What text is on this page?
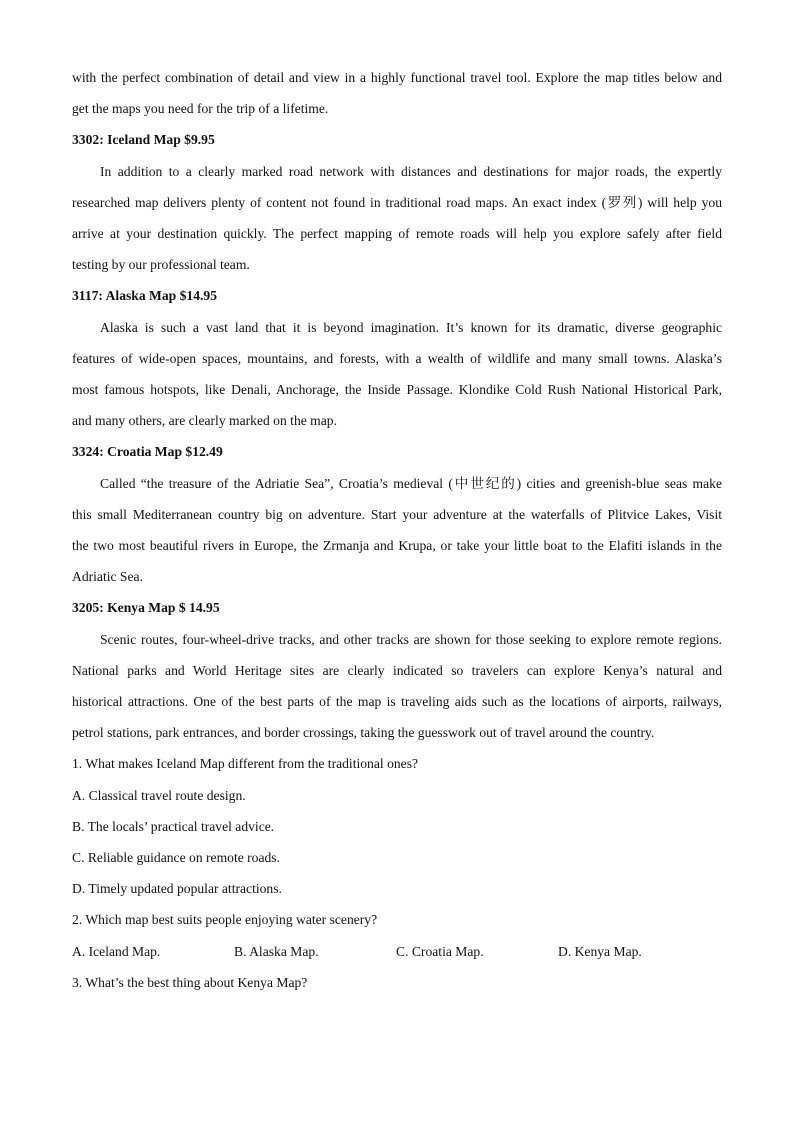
with the perfect combination of detail and view in a highly functional travel tool. Explore the map titles below and

get the maps you need for the trip of a lifetime.

3302: Iceland Map $9.95

In addition to a clearly marked road network with distances and destinations for major roads, the expertly

researched map delivers plenty of content not found in traditional road maps. An exact index (罗列) will help you

arrive at your destination quickly. The perfect mapping of remote roads will help you explore safely after field

testing by our professional team.

3117: Alaska Map $14.95

Alaska is such a vast land that it is beyond imagination. It’s known for its dramatic, diverse geographic

features of wide-open spaces, mountains, and forests, with a wealth of wildlife and many small towns. Alaska’s

most famous hotspots, like Denali, Anchorage, the Inside Passage. Klondike Cold Rush National Historical Park,

and many others, are clearly marked on the map.

3324: Croatia Map $12.49

Called “the treasure of the Adriatie Sea”, Croatia’s medieval (中世纪的) cities and greenish-blue seas make

this small Mediterranean country big on adventure. Start your adventure at the waterfalls of Plitvice Lakes, Visit

the two most beautiful rivers in Europe, the Zrmanja and Krupa, or take your little boat to the Elafiti islands in the

Adriatic Sea.

3205: Kenya Map $ 14.95

Scenic routes, four-wheel-drive tracks, and other tracks are shown for those seeking to explore remote regions.

National parks and World Heritage sites are clearly indicated so travelers can explore Kenya’s natural and

historical attractions. One of the best parts of the map is traveling aids such as the locations of airports, railways,

petrol stations, park entrances, and border crossings, taking the guesswork out of travel around the country.

1. What makes Iceland Map different from the traditional ones?

A. Classical travel route design.

B. The locals’ practical travel advice.

C. Reliable guidance on remote roads.

D. Timely updated popular attractions.

2. Which map best suits people enjoying water scenery?

A. Iceland Map.	B. Alaska Map.	C. Croatia Map.	D. Kenya Map.

3. What’s the best thing about Kenya Map?
